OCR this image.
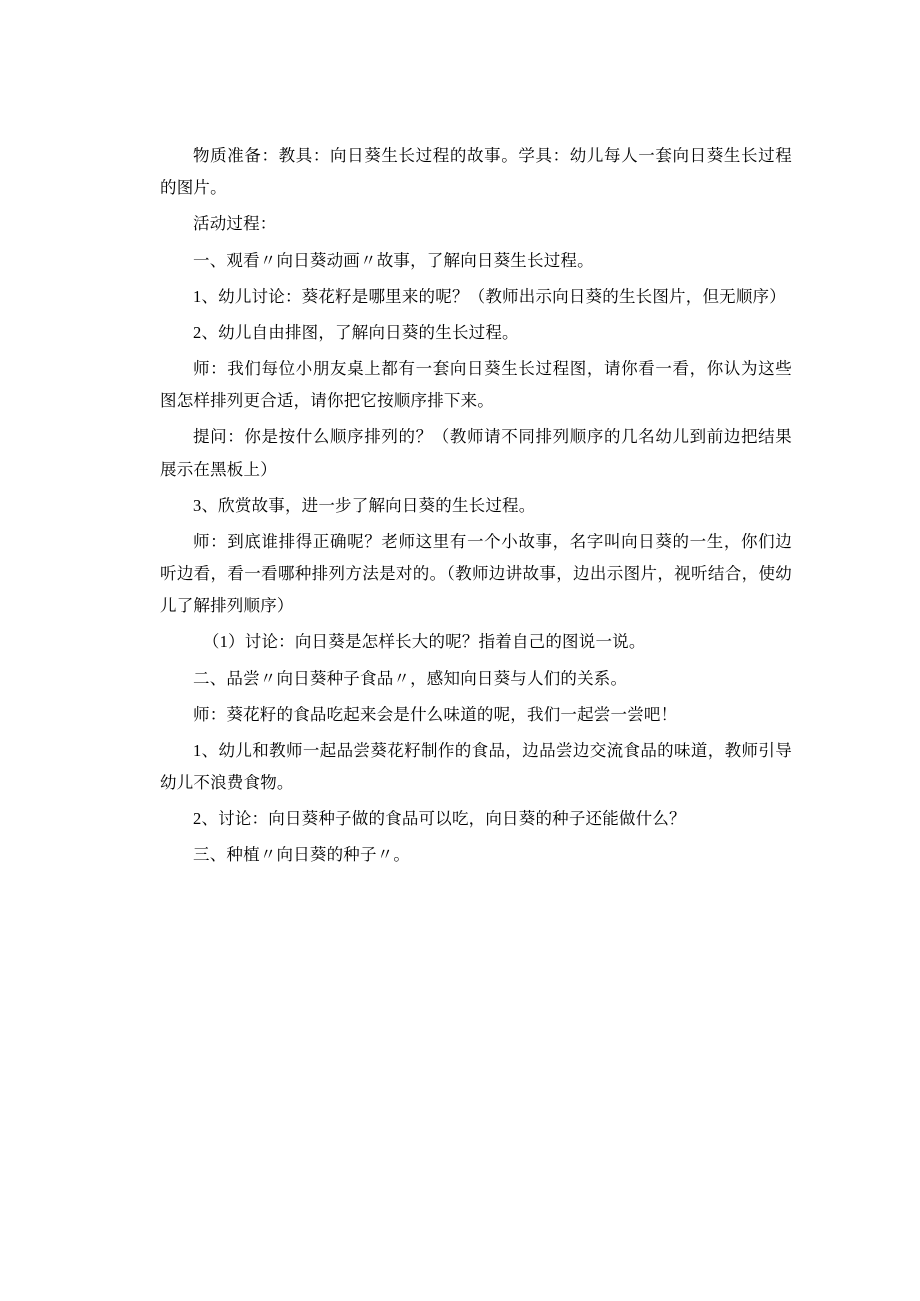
物质准备：教具：向日葵生长过程的故事。学具：幼儿每人一套向日葵生长过程的图片。

活动过程：

一、观看〃向日葵动画〃故事，了解向日葵生长过程。

1、幼儿讨论：葵花籽是哪里来的呢？（教师出示向日葵的生长图片，但无顺序）

2、幼儿自由排图，了解向日葵的生长过程。

师：我们每位小朋友桌上都有一套向日葵生长过程图，请你看一看，你认为这些图怎样排列更合适，请你把它按顺序排下来。

提问：你是按什么顺序排列的？（教师请不同排列顺序的几名幼儿到前边把结果展示在黑板上）

3、欣赏故事，进一步了解向日葵的生长过程。

师：到底谁排得正确呢？老师这里有一个小故事，名字叫向日葵的一生，你们边听边看，看一看哪种排列方法是对的。（教师边讲故事，边出示图片，视听结合，使幼儿了解排列顺序）

（1）讨论：向日葵是怎样长大的呢？指着自己的图说一说。

二、品尝〃向日葵种子食品〃，感知向日葵与人们的关系。

师：葵花籽的食品吃起来会是什么味道的呢，我们一起尝一尝吧！

1、幼儿和教师一起品尝葵花籽制作的食品，边品尝边交流食品的味道，教师引导幼儿不浪费食物。

2、讨论：向日葵种子做的食品可以吃，向日葵的种子还能做什么？

三、种植〃向日葵的种子〃。
